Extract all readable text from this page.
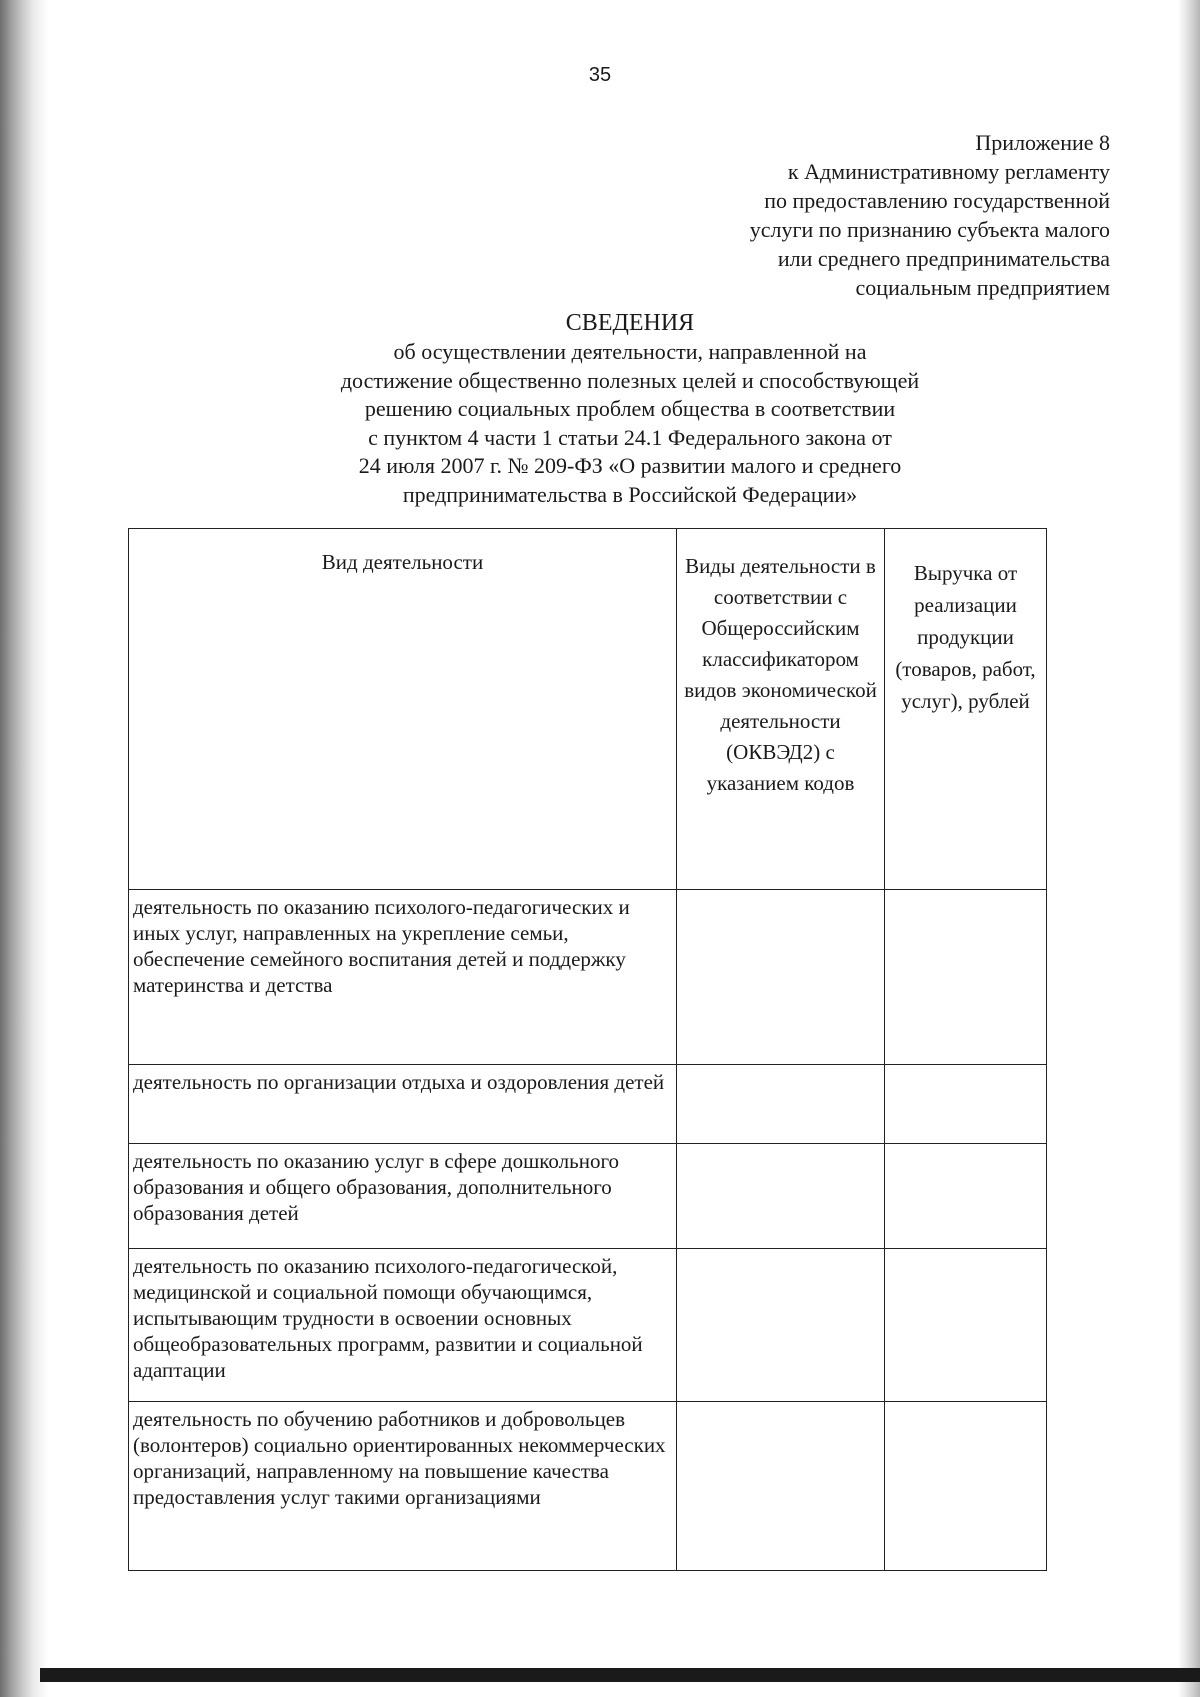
35
Приложение 8
к Административному регламенту
по предоставлению государственной
услуги по признанию субъекта малого
или среднего предпринимательства
социальным предприятием
СВЕДЕНИЯ
об осуществлении деятельности, направленной на
достижение общественно полезных целей и способствующей
решению социальных проблем общества в соответствии
с пунктом 4 части 1 статьи 24.1 Федерального закона от
24 июля 2007 г. № 209-ФЗ «О развитии малого и среднего
предпринимательства в Российской Федерации»
Вид деятельности	Виды деятельности в соответствии с Общероссийским классификатором видов экономической деятельности (ОКВЭД2) с указанием кодов	Выручка от реализации продукции (товаров, работ, услуг), рублей
деятельность по оказанию психолого-педагогических и иных услуг, направленных на укрепление семьи, обеспечение семейного воспитания детей и поддержку материнства и детства		
деятельность по организации отдыха и оздоровления детей		
деятельность по оказанию услуг в сфере дошкольного образования и общего образования, дополнительного образования детей		
деятельность по оказанию психолого-педагогической, медицинской и социальной помощи обучающимся, испытывающим трудности в освоении основных общеобразовательных программ, развитии и социальной адаптации		
деятельность по обучению работников и добровольцев (волонтеров) социально ориентированных некоммерческих организаций, направленному на повышение качества предоставления услуг такими организациями		
